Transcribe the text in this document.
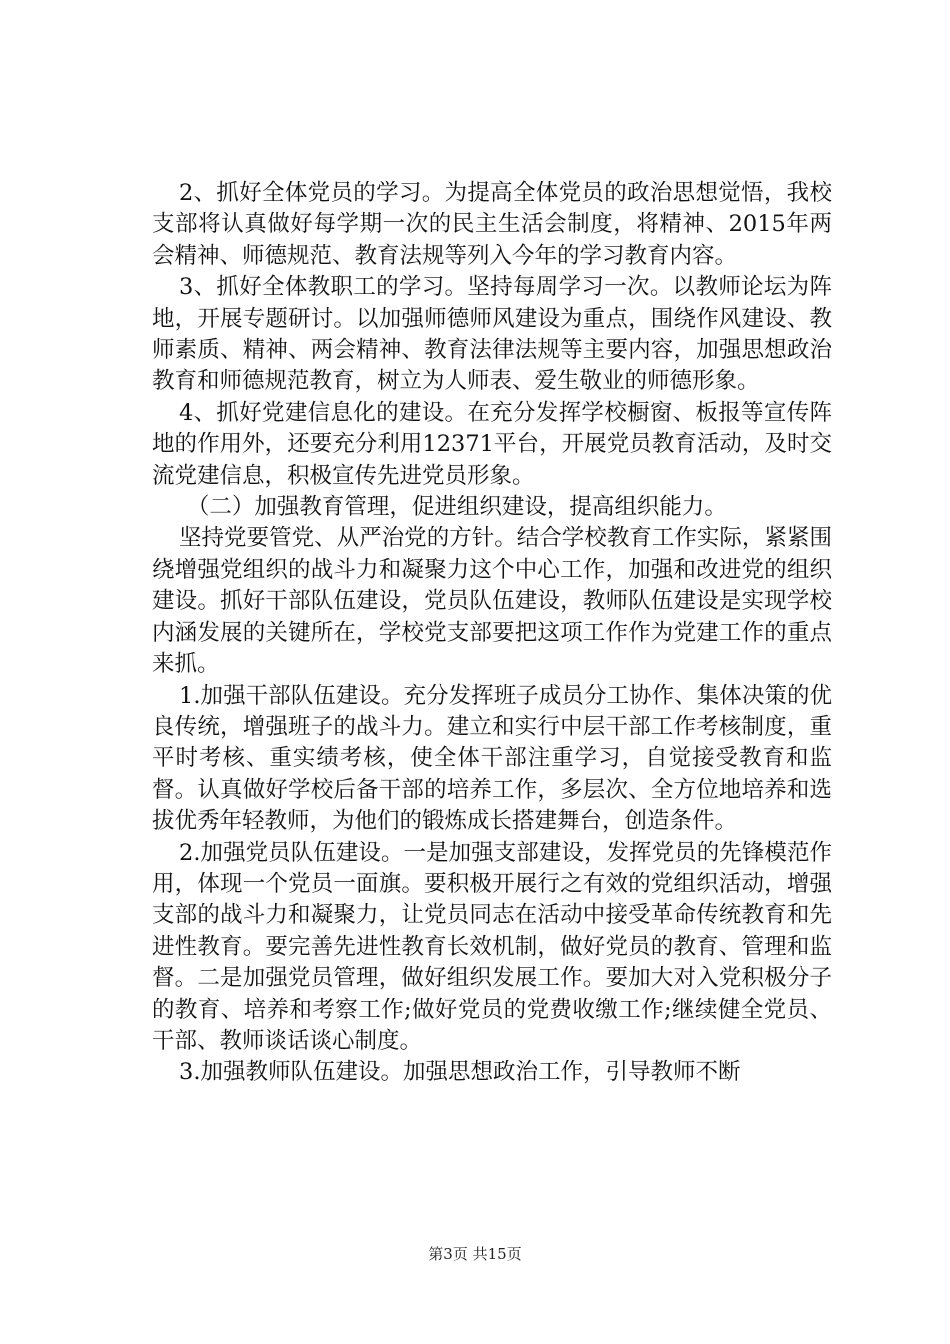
2、抓好全体党员的学习。为提高全体党员的政治思想觉悟，我校支部将认真做好每学期一次的民主生活会制度，将精神、2015年两会精神、师德规范、教育法规等列入今年的学习教育内容。

3、抓好全体教职工的学习。坚持每周学习一次。以教师论坛为阵地，开展专题研讨。以加强师德师风建设为重点，围绕作风建设、教师素质、精神、两会精神、教育法律法规等主要内容，加强思想政治教育和师德规范教育，树立为人师表、爱生敬业的师德形象。

4、抓好党建信息化的建设。在充分发挥学校橱窗、板报等宣传阵地的作用外，还要充分利用12371平台，开展党员教育活动，及时交流党建信息，积极宣传先进党员形象。

（二）加强教育管理，促进组织建设，提高组织能力。

坚持党要管党、从严治党的方针。结合学校教育工作实际，紧紧围绕增强党组织的战斗力和凝聚力这个中心工作，加强和改进党的组织建设。抓好干部队伍建设，党员队伍建设，教师队伍建设是实现学校内涵发展的关键所在，学校党支部要把这项工作作为党建工作的重点来抓。

1.加强干部队伍建设。充分发挥班子成员分工协作、集体决策的优良传统，增强班子的战斗力。建立和实行中层干部工作考核制度，重平时考核、重实绩考核，使全体干部注重学习，自觉接受教育和监督。认真做好学校后备干部的培养工作，多层次、全方位地培养和选拔优秀年轻教师，为他们的锻炼成长搭建舞台，创造条件。

2.加强党员队伍建设。一是加强支部建设，发挥党员的先锋模范作用，体现一个党员一面旗。要积极开展行之有效的党组织活动，增强支部的战斗力和凝聚力，让党员同志在活动中接受革命传统教育和先进性教育。要完善先进性教育长效机制，做好党员的教育、管理和监督。二是加强党员管理，做好组织发展工作。要加大对入党积极分子的教育、培养和考察工作;做好党员的党费收缴工作;继续健全党员、干部、教师谈话谈心制度。

3.加强教师队伍建设。加强思想政治工作，引导教师不断

第3页 共15页
